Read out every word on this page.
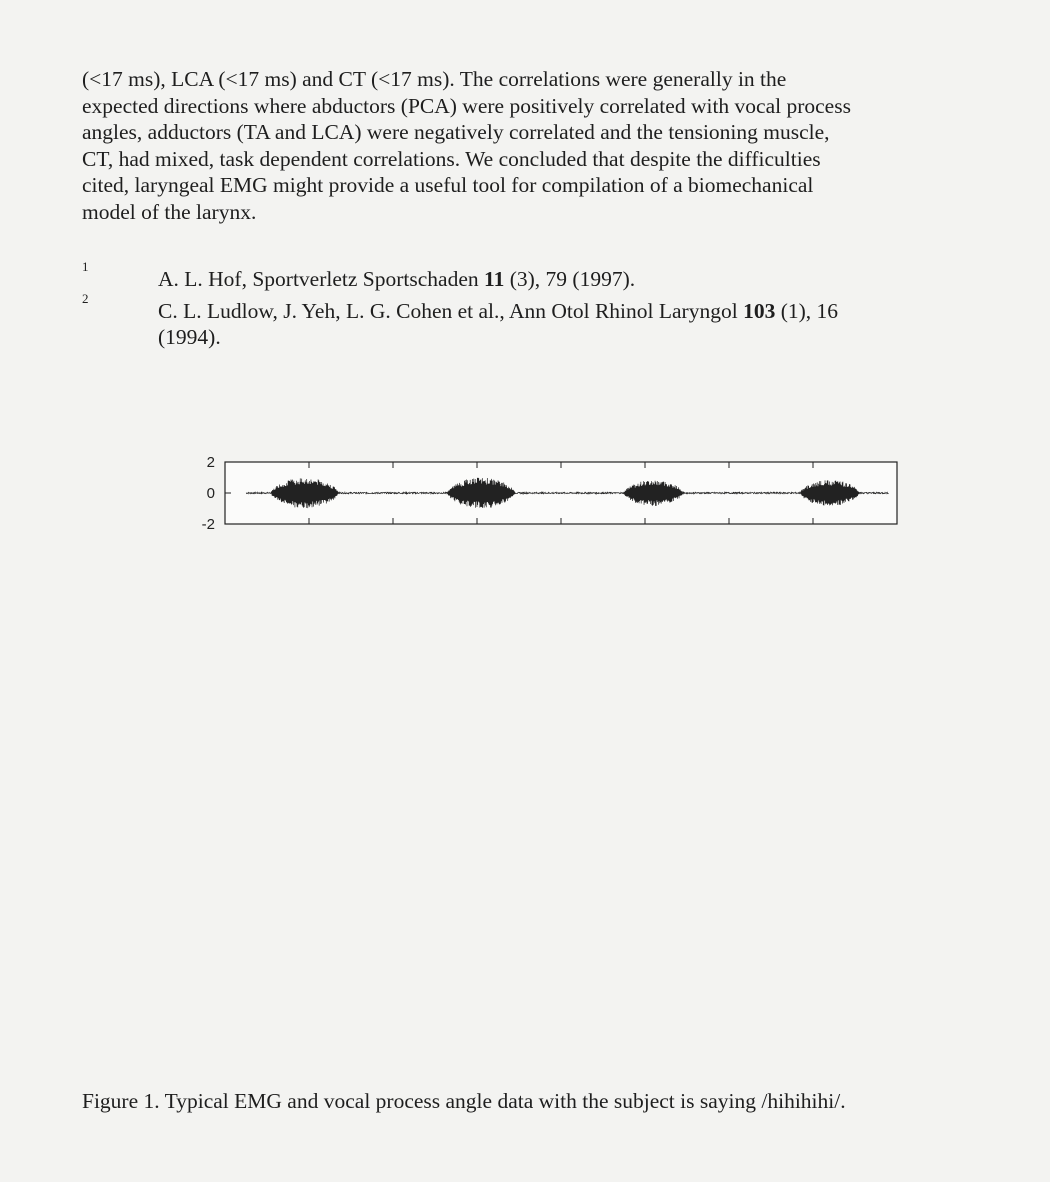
(<17 ms), LCA (<17 ms) and CT (<17 ms). The correlations were generally in the
expected directions where abductors (PCA) were positively correlated with vocal process
angles, adductors (TA and LCA) were negatively correlated and the tensioning muscle,
CT, had mixed, task dependent correlations. We concluded that despite the difficulties
cited, laryngeal EMG might provide a useful tool for compilation of a biomechanical
model of the larynx.
1
A. L. Hof, Sportverletz Sportschaden 11 (3), 79 (1997).
2
C. L. Ludlow, J. Yeh, L. G. Cohen et al., Ann Otol Rhinol Laryngol 103 (1), 16
(1994).
2
0
-2
Figure 1. Typical EMG and vocal process angle data with the subject is saying /hihihihi/.
